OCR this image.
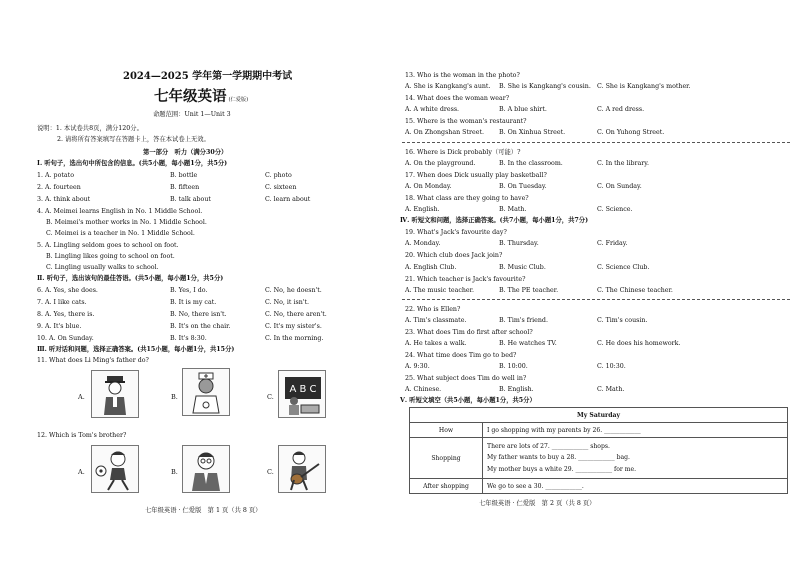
2024—2025 学年第一学期期中考试
七年级英语 (仁爱版)
命题范围：Unit 1—Unit 3
说明：1. 本试卷共8页，满分120分。
2. 请将所有答案填写在答题卡上，答在本试卷上无效。
第一部分　听力（满分30分）
Ⅰ. 听句子，选出句中所包含的信息。(共5小题，每小题1分，共5分)
1. A. potato	B. bottle	C. photo
2. A. fourteen	B. fifteen	C. sixteen
3. A. think about	B. talk about	C. learn about
4. A. Meimei learns English in No. 1 Middle School.
B. Meimei's mother works in No. 1 Middle School.
C. Meimei is a teacher in No. 1 Middle School.
5. A. Lingling seldom goes to school on foot.
B. Lingling likes going to school on foot.
C. Lingling usually walks to school.
Ⅱ. 听句子，选出该句的最佳答语。(共5小题，每小题1分，共5分)
6. A. Yes, she does.	B. Yes, I do.	C. No, he doesn't.
7. A. I like cats.	B. It is my cat.	C. No, it isn't.
8. A. Yes, there is.	B. No, there isn't.	C. No, there aren't.
9. A. It's blue.	B. It's on the chair.	C. It's my sister's.
10. A. On Sunday.	B. It's 8:30.	C. In the morning.
Ⅲ. 听对话和问题，选择正确答案。(共15小题，每小题1分，共15分)
11. What does Li Ming's father do?
A.	B.	C.
A B C
12. Which is Tom's brother?
A.	B.	C.
七年级英语 · 仁爱版　第 1 页（共 8 页）
13. Who is the woman in the photo?
A. She is Kangkang's aunt. B. She is Kangkang's cousin. C. She is Kangkang's mother.
14. What does the woman wear?
A. A white dress.	B. A blue shirt.	C. A red dress.
15. Where is the woman's restaurant?
A. On Zhongshan Street. B. On Xinhua Street.	C. On Yuhong Street.
16. Where is Dick probably（可能）?
A. On the playground.	B. In the classroom.	C. In the library.
17. When does Dick usually play basketball?
A. On Monday.	B. On Tuesday.	C. On Sunday.
18. What class are they going to have?
A. English.	B. Math.	C. Science.
Ⅳ. 听短文和问题，选择正确答案。(共7小题，每小题1分，共7分)
19. What's Jack's favourite day?
A. Monday.	B. Thursday.	C. Friday.
20. Which club does Jack join?
A. English Club.	B. Music Club.	C. Science Club.
21. Which teacher is Jack's favourite?
A. The music teacher.	B. The PE teacher.	C. The Chinese teacher.
22. Who is Ellen?
A. Tim's classmate.	B. Tim's friend.	C. Tim's cousin.
23. What does Tim do first after school?
A. He takes a walk.	B. He watches TV.	C. He does his homework.
24. What time does Tim go to bed?
A. 9:30.	B. 10:00.	C. 10:30.
25. What subject does Tim do well in?
A. Chinese.	B. English.	C. Math.
Ⅴ. 听短文填空（共5小题，每小题1分，共5分）
My Saturday	
How	I go shopping with my parents by 26. ____________
Shopping	There are lots of 27. ____________ shops.
My father wants to buy a 28. ____________ bag.
My mother buys a white 29. ____________ for me.

After shopping	We go to see a 30. ____________.
七年级英语 · 仁爱版　第 2 页（共 8 页）
